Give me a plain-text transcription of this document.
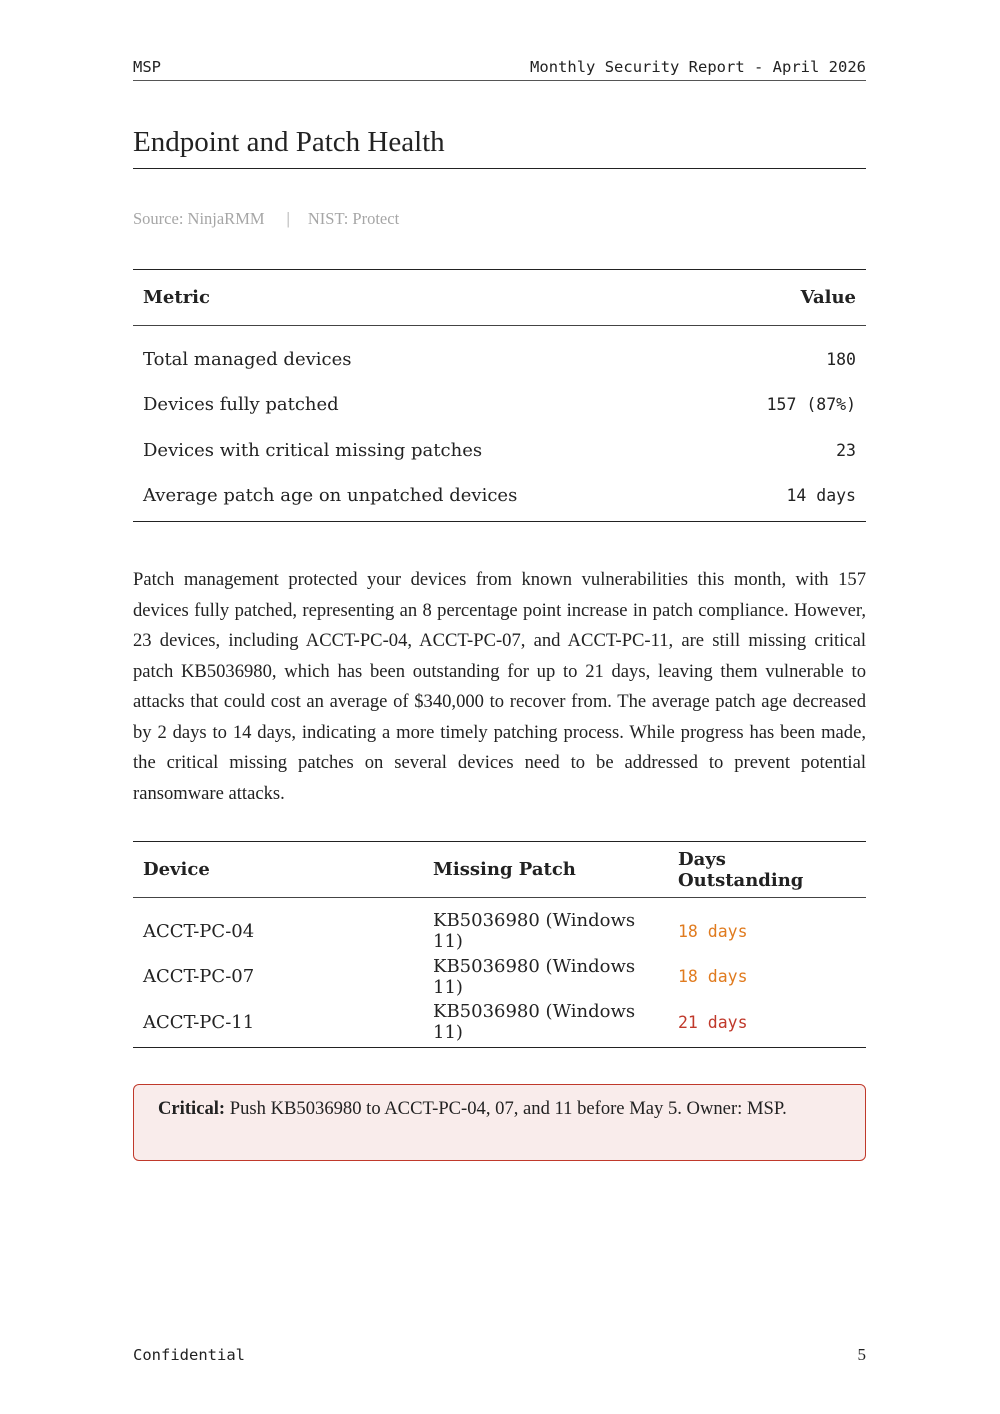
MSP	Monthly Security Report - April 2026
Endpoint and Patch Health
Source: NinjaRMM | NIST: Protect
Metric	Value
Total managed devices	180
Devices fully patched	157 (87%)
Devices with critical missing patches	23
Average patch age on unpatched devices	14 days

Patch management protected your devices from known vulnerabilities this month, with 157 devices fully patched, representing an 8 percentage point increase in patch compliance. However, 23 devices, including ACCT-PC-04, ACCT-PC-07, and ACCT-PC-11, are still missing critical patch KB5036980, which has been outstanding for up to 21 days, leaving them vulnerable to attacks that could cost an average of $340,000 to recover from. The average patch age decreased by 2 days to 14 days, indicating a more timely patching process. While progress has been made, the critical missing patches on several devices need to be addressed to prevent potential ransomware attacks.

Device	Missing Patch	Days Outstanding
ACCT-PC-04	KB5036980 (Windows 11)	18 days
ACCT-PC-07	KB5036980 (Windows 11)	18 days
ACCT-PC-11	KB5036980 (Windows 11)	21 days
Critical: Push KB5036980 to ACCT-PC-04, 07, and 11 before May 5. Owner: MSP.
Confidential	5
